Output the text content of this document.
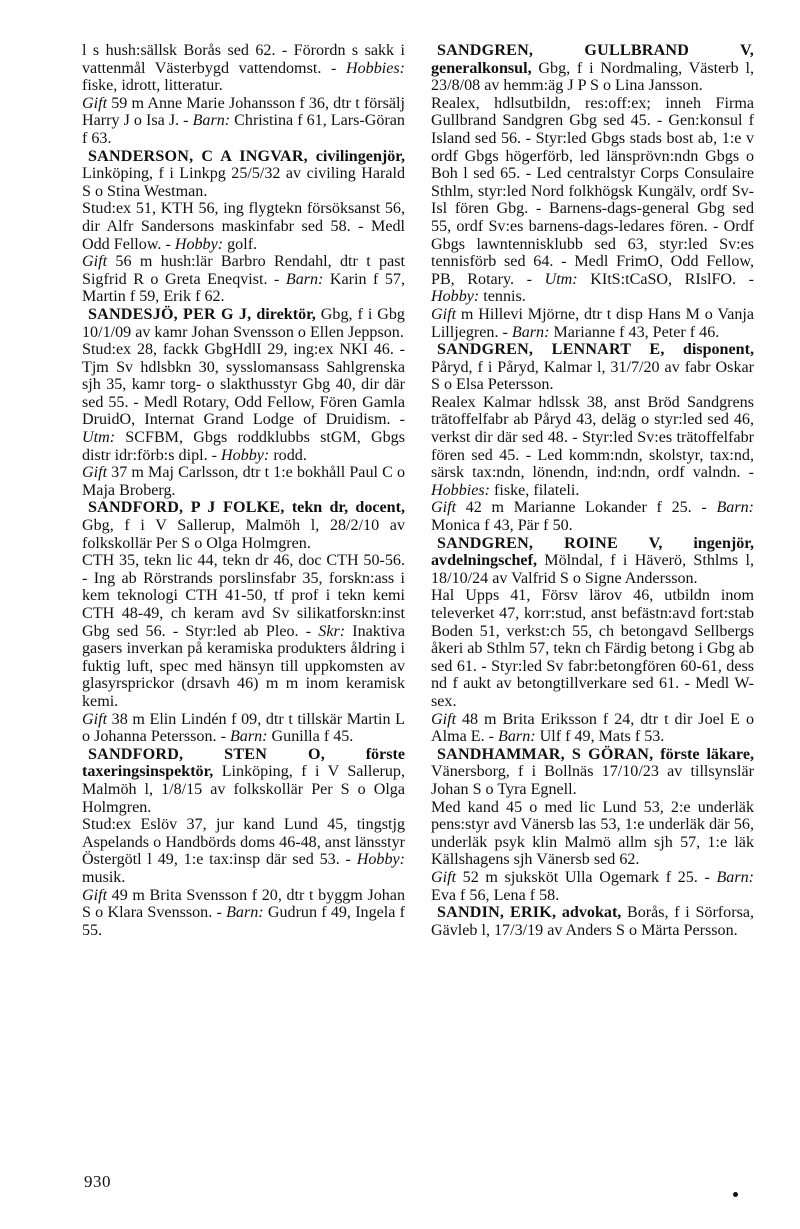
l s hush:sällsk Borås sed 62. - Förordn s sakk i vattenmål Västerbygd vattendomst. - Hobbies: fiske, idrott, litteratur.
Gift 59 m Anne Marie Johansson f 36, dtr t försälj Harry J o Isa J. - Barn: Christina f 61, Lars-Göran f 63.

SANDERSON, C A INGVAR, civilingenjör, Linköping, f i Linkpg 25/5/32 av civiling Harald S o Stina Westman.
Stud:ex 51, KTH 56, ing flygtekn försöksanst 56, dir Alfr Sandersons maskinfabr sed 58. - Medl Odd Fellow. - Hobby: golf.
Gift 56 m hush:lär Barbro Rendahl, dtr t past Sigfrid R o Greta Eneqvist. - Barn: Karin f 57, Martin f 59, Erik f 62.

SANDESJÖ, PER G J, direktör, Gbg, f i Gbg 10/1/09 av kamr Johan Svensson o Ellen Jeppson.
Stud:ex 28, fackk GbgHdlI 29, ing:ex NKI 46. - Tjm Sv hdlsbkn 30, sysslomansass Sahlgrenska sjh 35, kamr torg- o slakthusstyr Gbg 40, dir där sed 55. - Medl Rotary, Odd Fellow, Fören Gamla DruidO, Internat Grand Lodge of Druidism. - Utm: SCFBM, Gbgs roddklubbs stGM, Gbgs distr idr:förb:s dipl. - Hobby: rodd.
Gift 37 m Maj Carlsson, dtr t 1:e bokhåll Paul C o Maja Broberg.

SANDFORD, P J FOLKE, tekn dr, docent, Gbg, f i V Sallerup, Malmöh l, 28/2/10 av folkskollär Per S o Olga Holmgren.
CTH 35, tekn lic 44, tekn dr 46, doc CTH 50-56. - Ing ab Rörstrands porslinsfabr 35, forskn:ass i kem teknologi CTH 41-50, tf prof i tekn kemi CTH 48-49, ch keram avd Sv silikatforskn:inst Gbg sed 56. - Styr:led ab Pleo. - Skr: Inaktiva gasers inverkan på keramiska produkters åldring i fuktig luft, spec med hänsyn till uppkomsten av glasyrsprickor (drsavh 46) m m inom keramisk kemi.
Gift 38 m Elin Lindén f 09, dtr t tillskär Martin L o Johanna Petersson. - Barn: Gunilla f 45.

SANDFORD, STEN O, förste taxeringsinspektör, Linköping, f i V Sallerup, Malmöh l, 1/8/15 av folkskollär Per S o Olga Holmgren.
Stud:ex Eslöv 37, jur kand Lund 45, tingstjg Aspelands o Handbörds doms 46-48, anst länsstyr Östergötl l 49, 1:e tax:insp där sed 53. - Hobby: musik.
Gift 49 m Brita Svensson f 20, dtr t byggm Johan S o Klara Svensson. - Barn: Gudrun f 49, Ingela f 55.

SANDGREN, GULLBRAND V, generalkonsul, Gbg, f i Nordmaling, Västerb l, 23/8/08 av hemm:äg J P S o Lina Jansson.
Realex, hdlsutbildn, res:off:ex; inneh Firma Gullbrand Sandgren Gbg sed 45. - Gen:konsul f Island sed 56. - Styr:led Gbgs stads bost ab, 1:e v ordf Gbgs högerförb, led länsprövn:ndn Gbgs o Boh l sed 65. - Led centralstyr Corps Consulaire Sthlm, styr:led Nord folkhögsk Kungälv, ordf Sv-Isl fören Gbg. - Barnens-dags-general Gbg sed 55, ordf Sv:es barnens-dags-ledares fören. - Ordf Gbgs lawntennisklubb sed 63, styr:led Sv:es tennisförb sed 64. - Medl FrimO, Odd Fellow, PB, Rotary. - Utm: KItS:tCaSO, RIslFO. - Hobby: tennis.
Gift m Hillevi Mjörne, dtr t disp Hans M o Vanja Lilljegren. - Barn: Marianne f 43, Peter f 46.

SANDGREN, LENNART E, disponent, Påryd, f i Påryd, Kalmar l, 31/7/20 av fabr Oskar S o Elsa Petersson.
Realex Kalmar hdlssk 38, anst Bröd Sandgrens trätoffelfabr ab Påryd 43, deläg o styr:led sed 46, verkst dir där sed 48. - Styr:led Sv:es trätoffelfabr fören sed 45. - Led komm:ndn, skolstyr, tax:nd, särsk tax:ndn, lönendn, ind:ndn, ordf valndn. - Hobbies: fiske, filateli.
Gift 42 m Marianne Lokander f 25. - Barn: Monica f 43, Pär f 50.

SANDGREN, ROINE V, ingenjör, avdelningschef, Mölndal, f i Häverö, Sthlms l, 18/10/24 av Valfrid S o Signe Andersson.
Hal Upps 41, Försv lärov 46, utbildn inom televerket 47, korr:stud, anst befästn:avd fort:stab Boden 51, verkst:ch 55, ch betongavd Sellbergs åkeri ab Sthlm 57, tekn ch Färdig betong i Gbg ab sed 61. - Styr:led Sv fabr:betongfören 60-61, dess nd f aukt av betongtillverkare sed 61. - Medl W-sex.
Gift 48 m Brita Eriksson f 24, dtr t dir Joel E o Alma E. - Barn: Ulf f 49, Mats f 53.

SANDHAMMAR, S GÖRAN, förste läkare, Vänersborg, f i Bollnäs 17/10/23 av tillsynslär Johan S o Tyra Egnell.
Med kand 45 o med lic Lund 53, 2:e underläk pens:styr avd Vänersb las 53, 1:e underläk där 56, underläk psyk klin Malmö allm sjh 57, 1:e läk Källshagens sjh Vänersb sed 62.
Gift 52 m sjuksköt Ulla Ogemark f 25. - Barn: Eva f 56, Lena f 58.

SANDIN, ERIK, advokat, Borås, f i Sörforsa, Gävleb l, 17/3/19 av Anders S o Märta Persson.

930
